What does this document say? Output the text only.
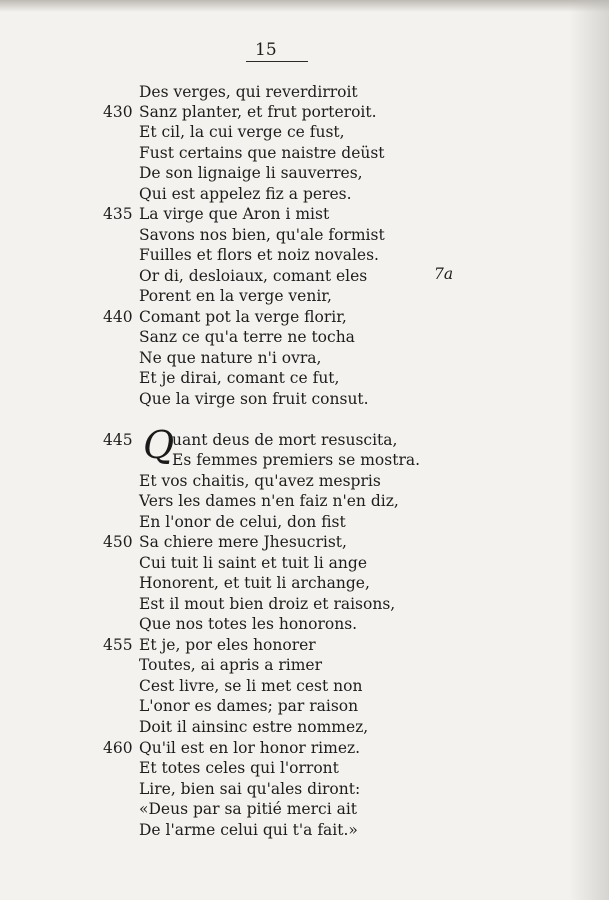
15
430
435
440
445
450
455
460
7a
Des verges, qui reverdirroit
Sanz planter, et frut porteroit.
Et cil, la cui verge ce fust,
Fust certains que naistre deüst
De son lignaige li sauverres,
Qui est appelez fiz a peres.
La virge que Aron i mist
Savons nos bien, qu'ale formist
Fuilles et flors et noiz novales.
Or di, desloiaux, comant eles
Porent en la verge venir,
Comant pot la verge florir,
Sanz ce qu'a terre ne tocha
Ne que nature n'i ovra,
Et je dirai, comant ce fut,
Que la virge son fruit consut.
Q
uant deus de mort resuscita,
Es femmes premiers se mostra.
Et vos chaitis, qu'avez mespris
Vers les dames n'en faiz n'en diz,
En l'onor de celui, don fist
Sa chiere mere Jhesucrist,
Cui tuit li saint et tuit li ange
Honorent, et tuit li archange,
Est il mout bien droiz et raisons,
Que nos totes les honorons.
Et je, por eles honorer
Toutes, ai apris a rimer
Cest livre, se li met cest non
L'onor es dames; par raison
Doit il ainsinc estre nommez,
Qu'il est en lor honor rimez.
Et totes celes qui l'orront
Lire, bien sai qu'ales diront:
«Deus par sa pitié merci ait
De l'arme celui qui t'a fait.»
